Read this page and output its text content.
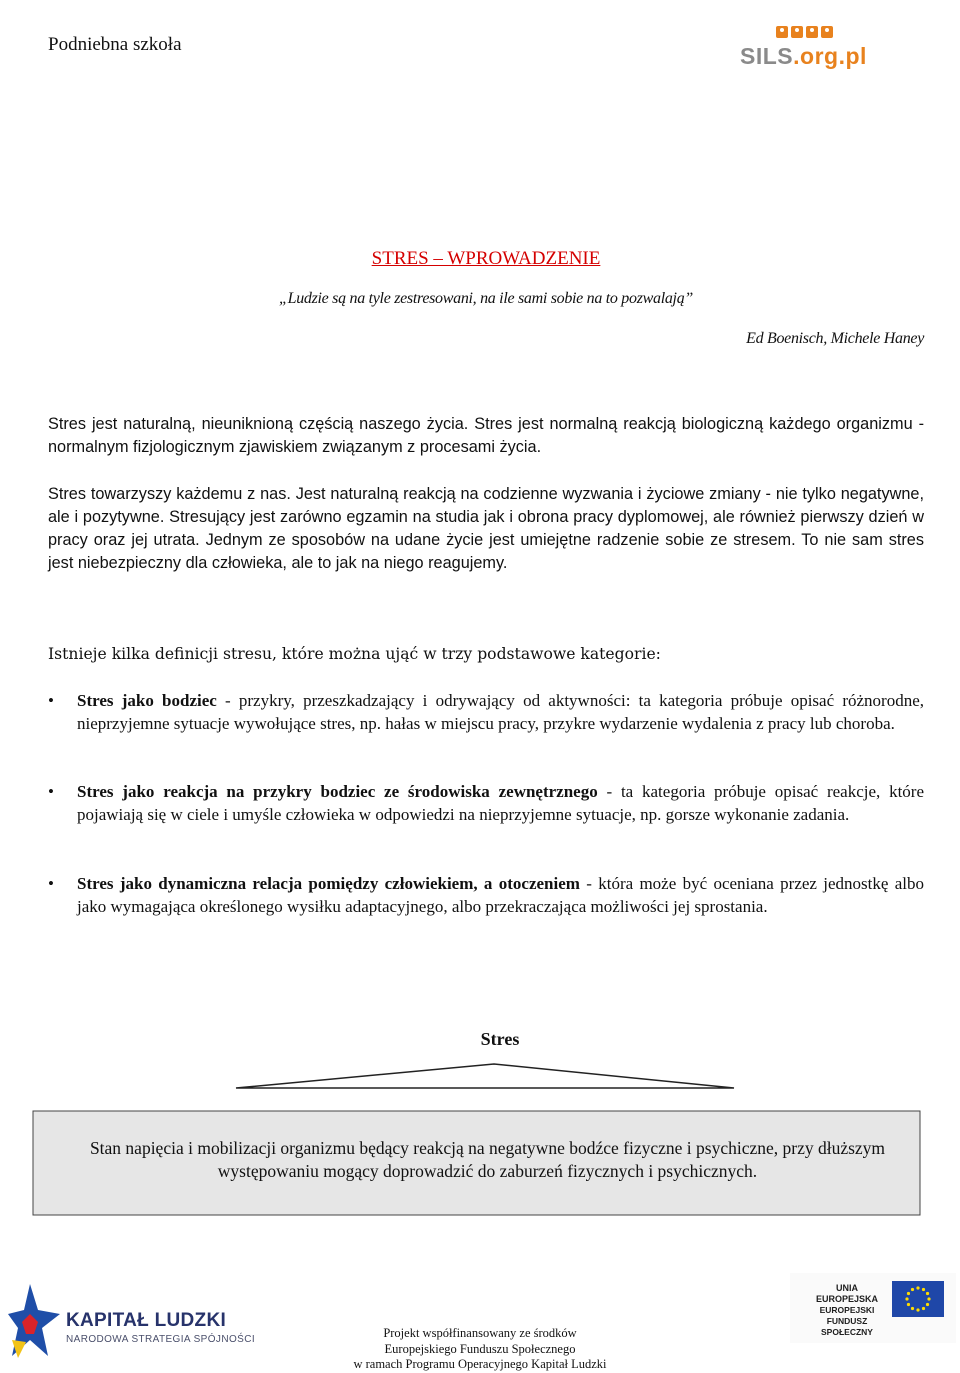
Podniebna szkoła	SILS.org.pl
STRES – WPROWADZENIE
„Ludzie są na tyle zestresowani, na ile sami sobie na to pozwalają”
Ed Boenisch, Michele Haney
Stres jest naturalną, nieuniknioną częścią naszego życia. Stres jest normalną reakcją biologiczną każdego organizmu - normalnym fizjologicznym zjawiskiem związanym z procesami życia.
Stres towarzyszy każdemu z nas. Jest naturalną reakcją na codzienne wyzwania i życiowe zmiany - nie tylko negatywne, ale i pozytywne. Stresujący jest zarówno egzamin na studia jak i obrona pracy dyplomowej, ale również pierwszy dzień w pracy oraz jej utrata. Jednym ze sposobów na udane życie jest umiejętne radzenie sobie ze stresem. To nie sam stres jest niebezpieczny dla człowieka, ale to jak na niego reagujemy.
Istnieje kilka definicji stresu, które można ująć w trzy podstawowe kategorie:
• Stres jako bodziec - przykry, przeszkadzający i odrywający od aktywności: ta kategoria próbuje opisać różnorodne, nieprzyjemne sytuacje wywołujące stres, np. hałas w miejscu pracy, przykre wydarzenie wydalenia z pracy lub choroba.
• Stres jako reakcja na przykry bodziec ze środowiska zewnętrznego - ta kategoria próbuje opisać reakcje, które pojawiają się w ciele i umyśle człowieka w odpowiedzi na nieprzyjemne sytuacje, np. gorsze wykonanie zadania.
• Stres jako dynamiczna relacja pomiędzy człowiekiem, a otoczeniem - która może być oceniana przez jednostkę albo jako wymagająca określonego wysiłku adaptacyjnego, albo przekraczająca możliwości jej sprostania.
Stres
Stan napięcia i mobilizacji organizmu będący reakcją na negatywne bodźce fizyczne i psychiczne, przy dłuższym występowaniu mogący doprowadzić do zaburzeń fizycznych i psychicznych.
KAPITAŁ LUDZKI
NARODOWA STRATEGIA SPÓJNOŚCI	Projekt współfinansowany ze środków
Europejskiego Funduszu Społecznego
w ramach Programu Operacyjnego Kapitał Ludzki
UNIA EUROPEJSKA
EUROPEJSKI
FUNDUSZ SPOŁECZNY
